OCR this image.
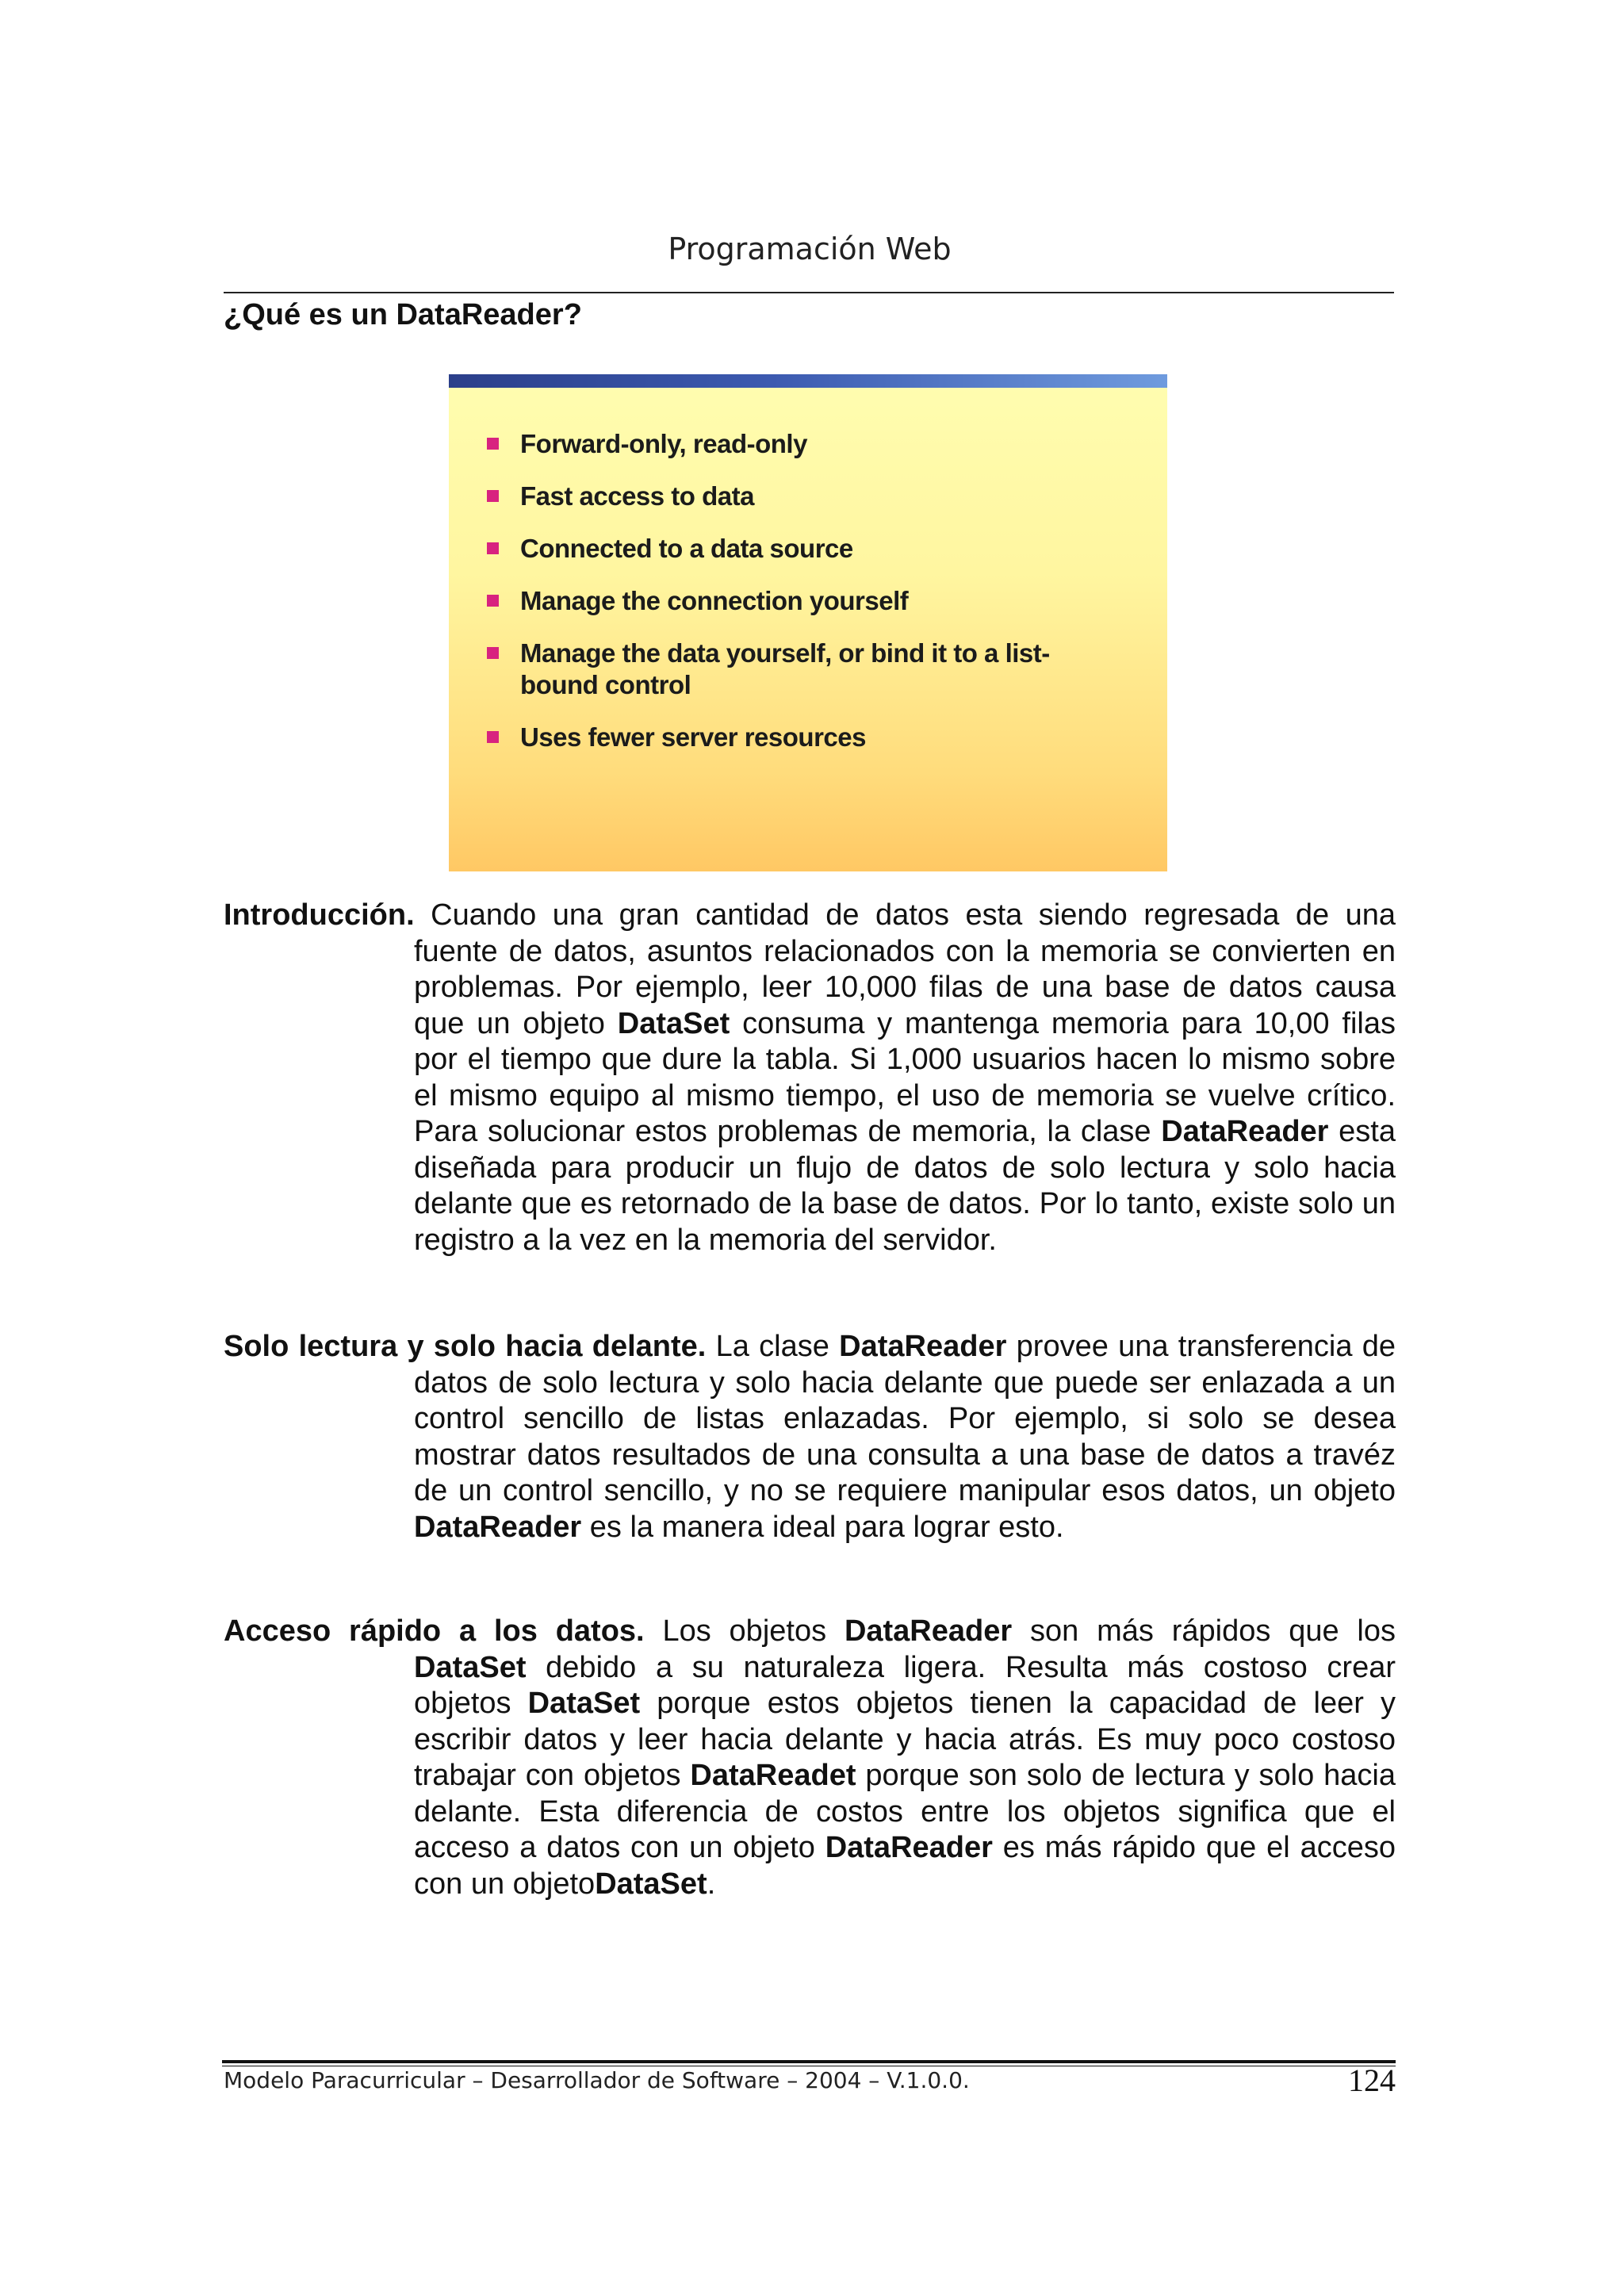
Programación Web
¿Qué es un DataReader?
Forward-only, read-only
Fast access to data
Connected to a data source
Manage the connection yourself
Manage the data yourself, or bind it to a list-bound control
Uses fewer server resources
Introducción. Cuando una gran cantidad de datos esta siendo regresada de una fuente de datos, asuntos relacionados con la memoria se convierten en problemas. Por ejemplo, leer 10,000 filas de una base de datos causa que un objeto DataSet consuma y mantenga memoria para 10,00 filas por el tiempo que dure la tabla. Si 1,000 usuarios hacen lo mismo sobre el mismo equipo al mismo tiempo, el uso de memoria se vuelve crítico. Para solucionar estos problemas de memoria, la clase DataReader esta diseñada para producir un flujo de datos de solo lectura y solo hacia delante que es retornado de la base de datos. Por lo tanto, existe solo un registro a la vez en la memoria del servidor.
Solo lectura y solo hacia delante. La clase DataReader provee una transferencia de datos de solo lectura y solo hacia delante que puede ser enlazada a un control sencillo de listas enlazadas. Por ejemplo, si solo se desea mostrar datos resultados de una consulta a una base de datos a travéz de un control sencillo, y no se requiere manipular esos datos, un objeto DataReader es la manera ideal para lograr esto.
Acceso rápido a los datos. Los objetos DataReader son más rápidos que los DataSet debido a su naturaleza ligera. Resulta más costoso crear objetos DataSet porque estos objetos tienen la capacidad de leer y escribir datos y leer hacia delante y hacia atrás. Es muy poco costoso trabajar con objetos DataReadet porque son solo de lectura y solo hacia delante. Esta diferencia de costos entre los objetos significa que el acceso a datos con un objeto DataReader es más rápido que el acceso con un objetoDataSet.
Modelo Paracurricular – Desarrollador de Software – 2004 – V.1.0.0.	124
